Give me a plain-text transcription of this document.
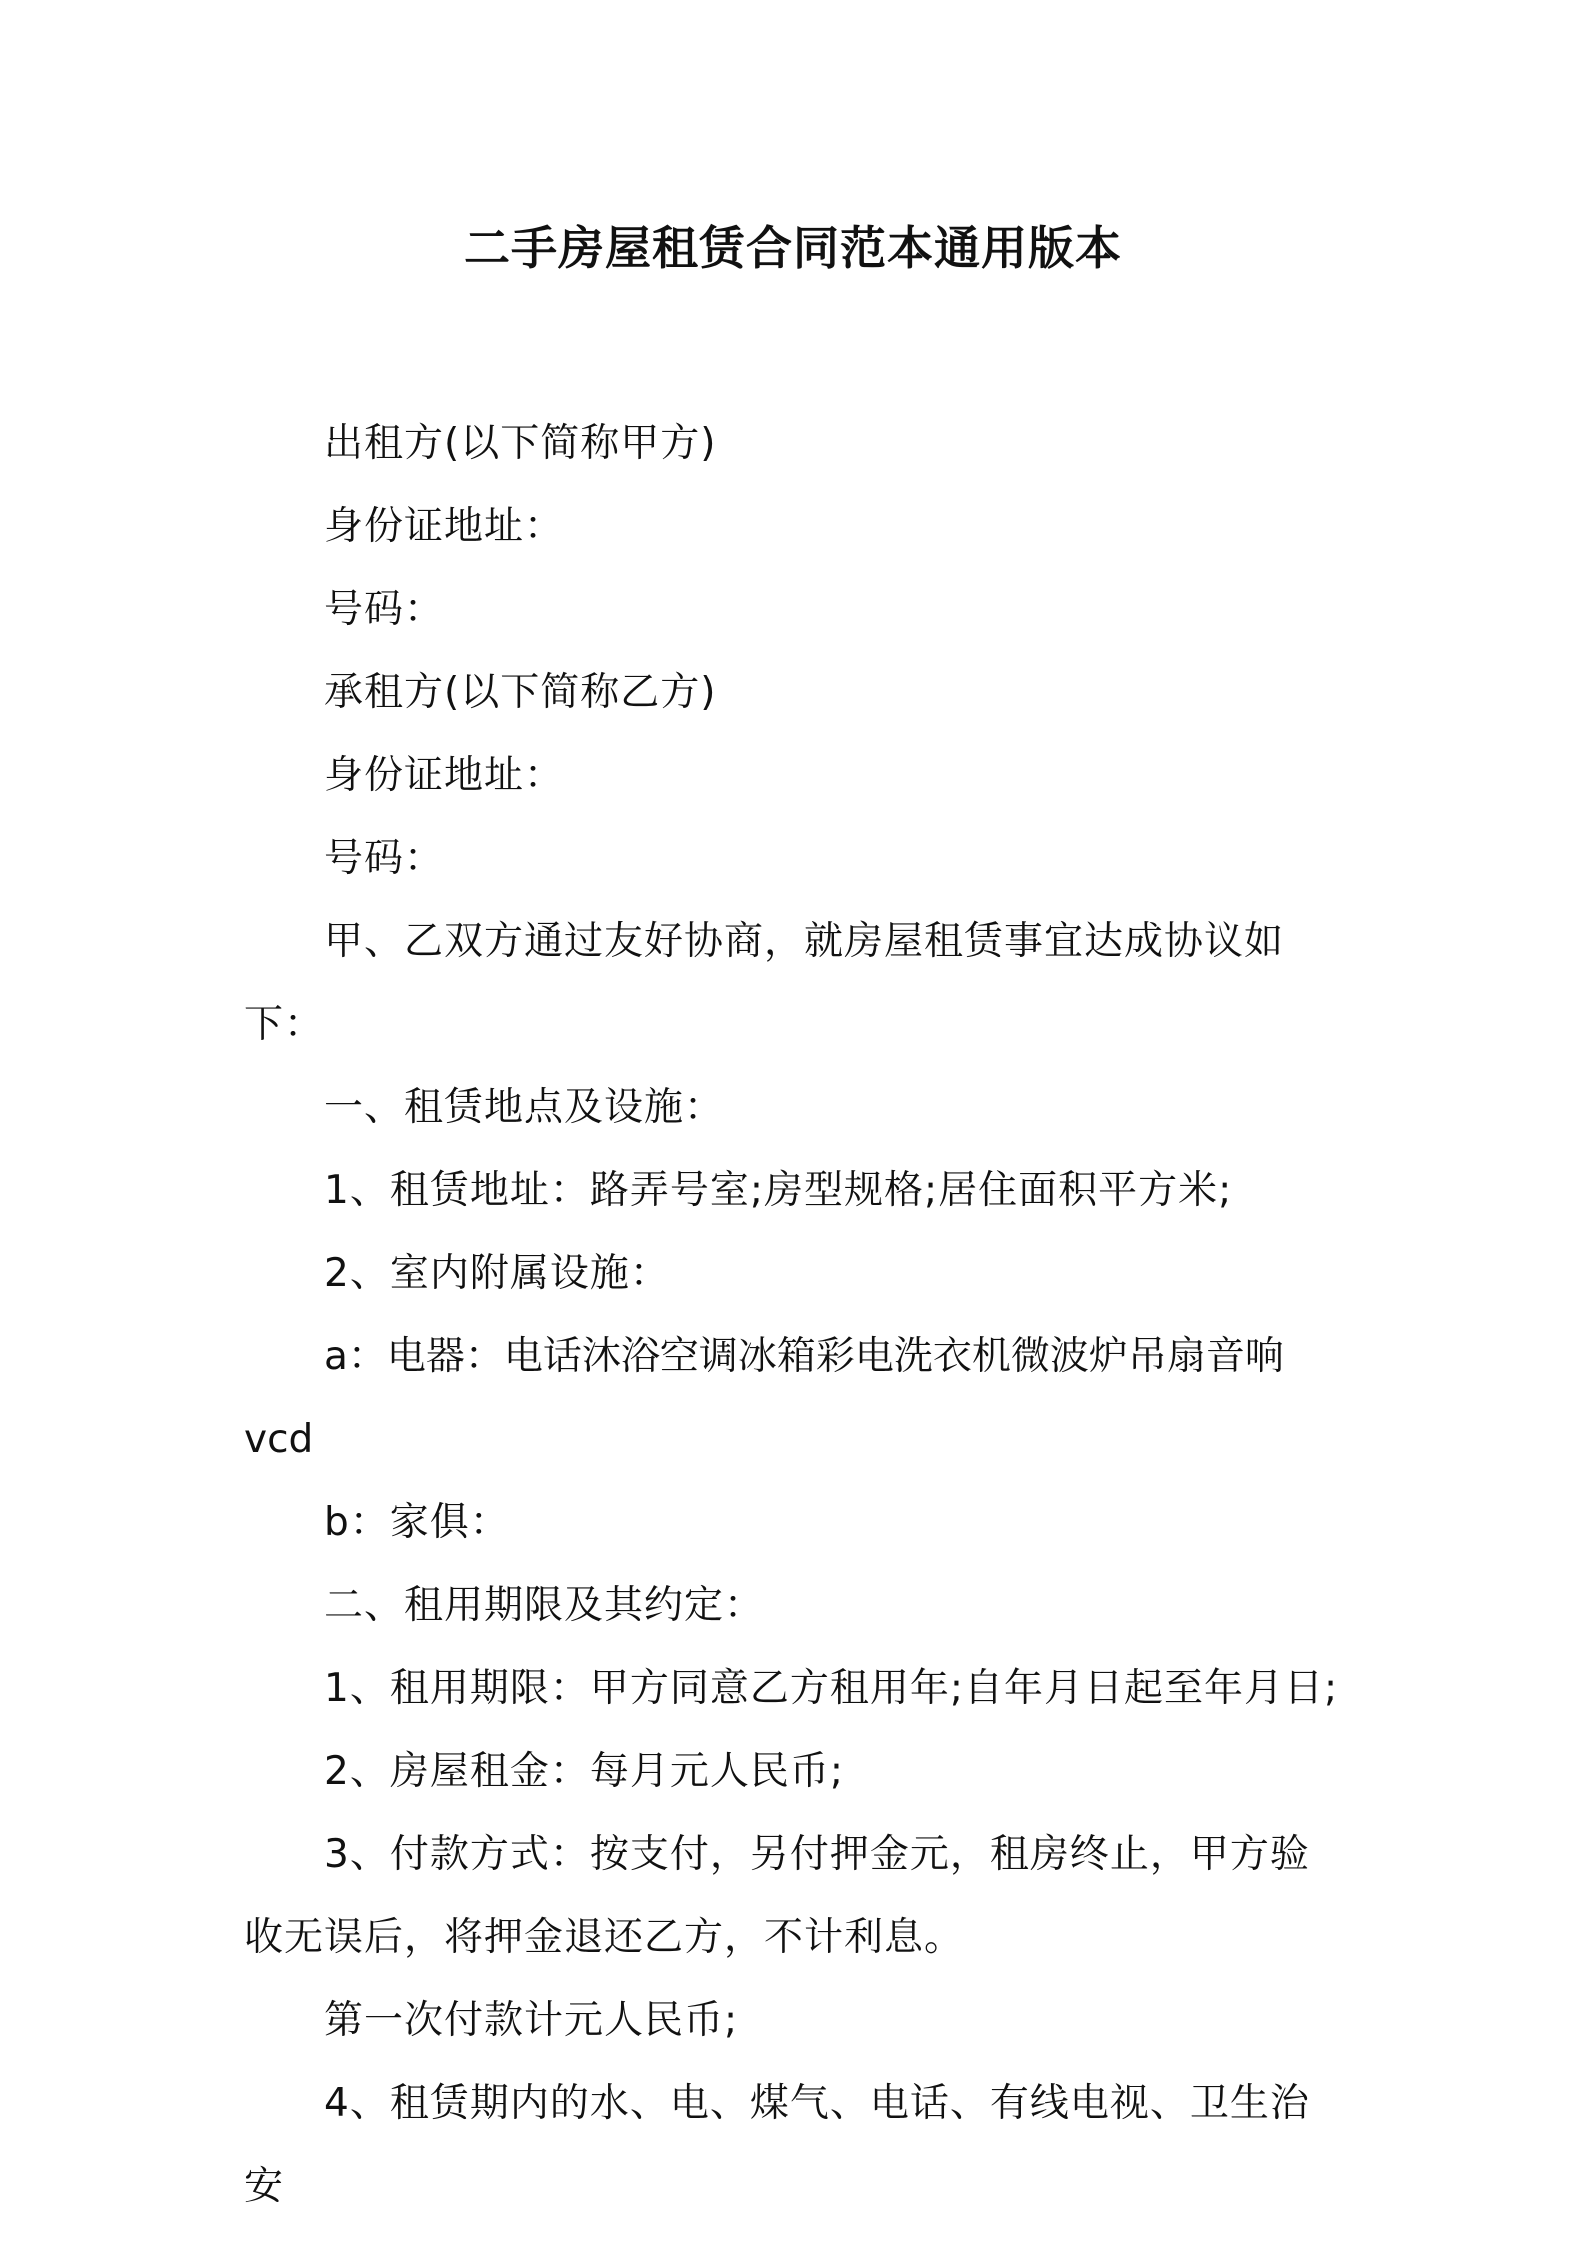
二手房屋租赁合同范本通用版本

出租方(以下简称甲方)

身份证地址：

号码：

承租方(以下简称乙方)

身份证地址：

号码：

甲、乙双方通过友好协商，就房屋租赁事宜达成协议如下：

一、租赁地点及设施：

1、租赁地址：路弄号室;房型规格;居住面积平方米;

2、室内附属设施：

a：电器：电话沐浴空调冰箱彩电洗衣机微波炉吊扇音响vcd

b：家俱：

二、租用期限及其约定：

1、租用期限：甲方同意乙方租用年;自年月日起至年月日;

2、房屋租金：每月元人民币;

3、付款方式：按支付，另付押金元，租房终止，甲方验收无误后，将押金退还乙方，不计利息。

第一次付款计元人民币;

4、租赁期内的水、电、煤气、电话、有线电视、卫生治安
